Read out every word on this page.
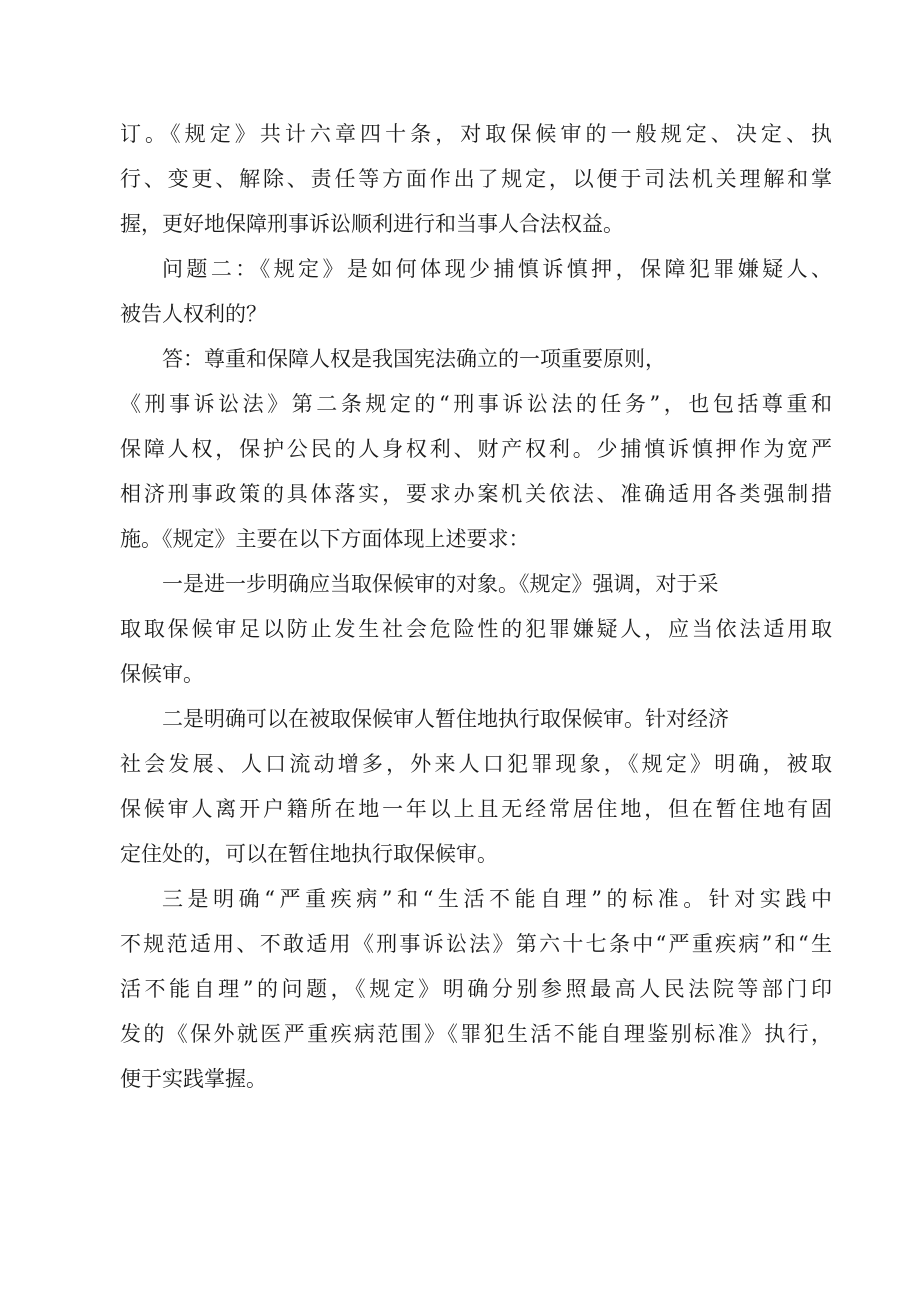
订。《规定》共计六章四十条，对取保候审的一般规定、决定、执
行、变更、解除、责任等方面作出了规定，以便于司法机关理解和掌
握，更好地保障刑事诉讼顺利进行和当事人合法权益。
问题二：《规定》是如何体现少捕慎诉慎押，保障犯罪嫌疑人、
被告人权利的？
答：尊重和保障人权是我国宪法确立的一项重要原则，
《刑事诉讼法》第二条规定的“刑事诉讼法的任务”，也包括尊重和
保障人权，保护公民的人身权利、财产权利。少捕慎诉慎押作为宽严
相济刑事政策的具体落实，要求办案机关依法、准确适用各类强制措
施。《规定》主要在以下方面体现上述要求：
一是进一步明确应当取保候审的对象。《规定》强调，对于采
取取保候审足以防止发生社会危险性的犯罪嫌疑人，应当依法适用取
保候审。
二是明确可以在被取保候审人暂住地执行取保候审。针对经济
社会发展、人口流动增多，外来人口犯罪现象，《规定》明确，被取
保候审人离开户籍所在地一年以上且无经常居住地，但在暂住地有固
定住处的，可以在暂住地执行取保候审。
三是明确“严重疾病”和“生活不能自理”的标准。针对实践中
不规范适用、不敢适用《刑事诉讼法》第六十七条中“严重疾病”和“生
活不能自理”的问题，《规定》明确分别参照最高人民法院等部门印
发的《保外就医严重疾病范围》《罪犯生活不能自理鉴别标准》执行，
便于实践掌握。
